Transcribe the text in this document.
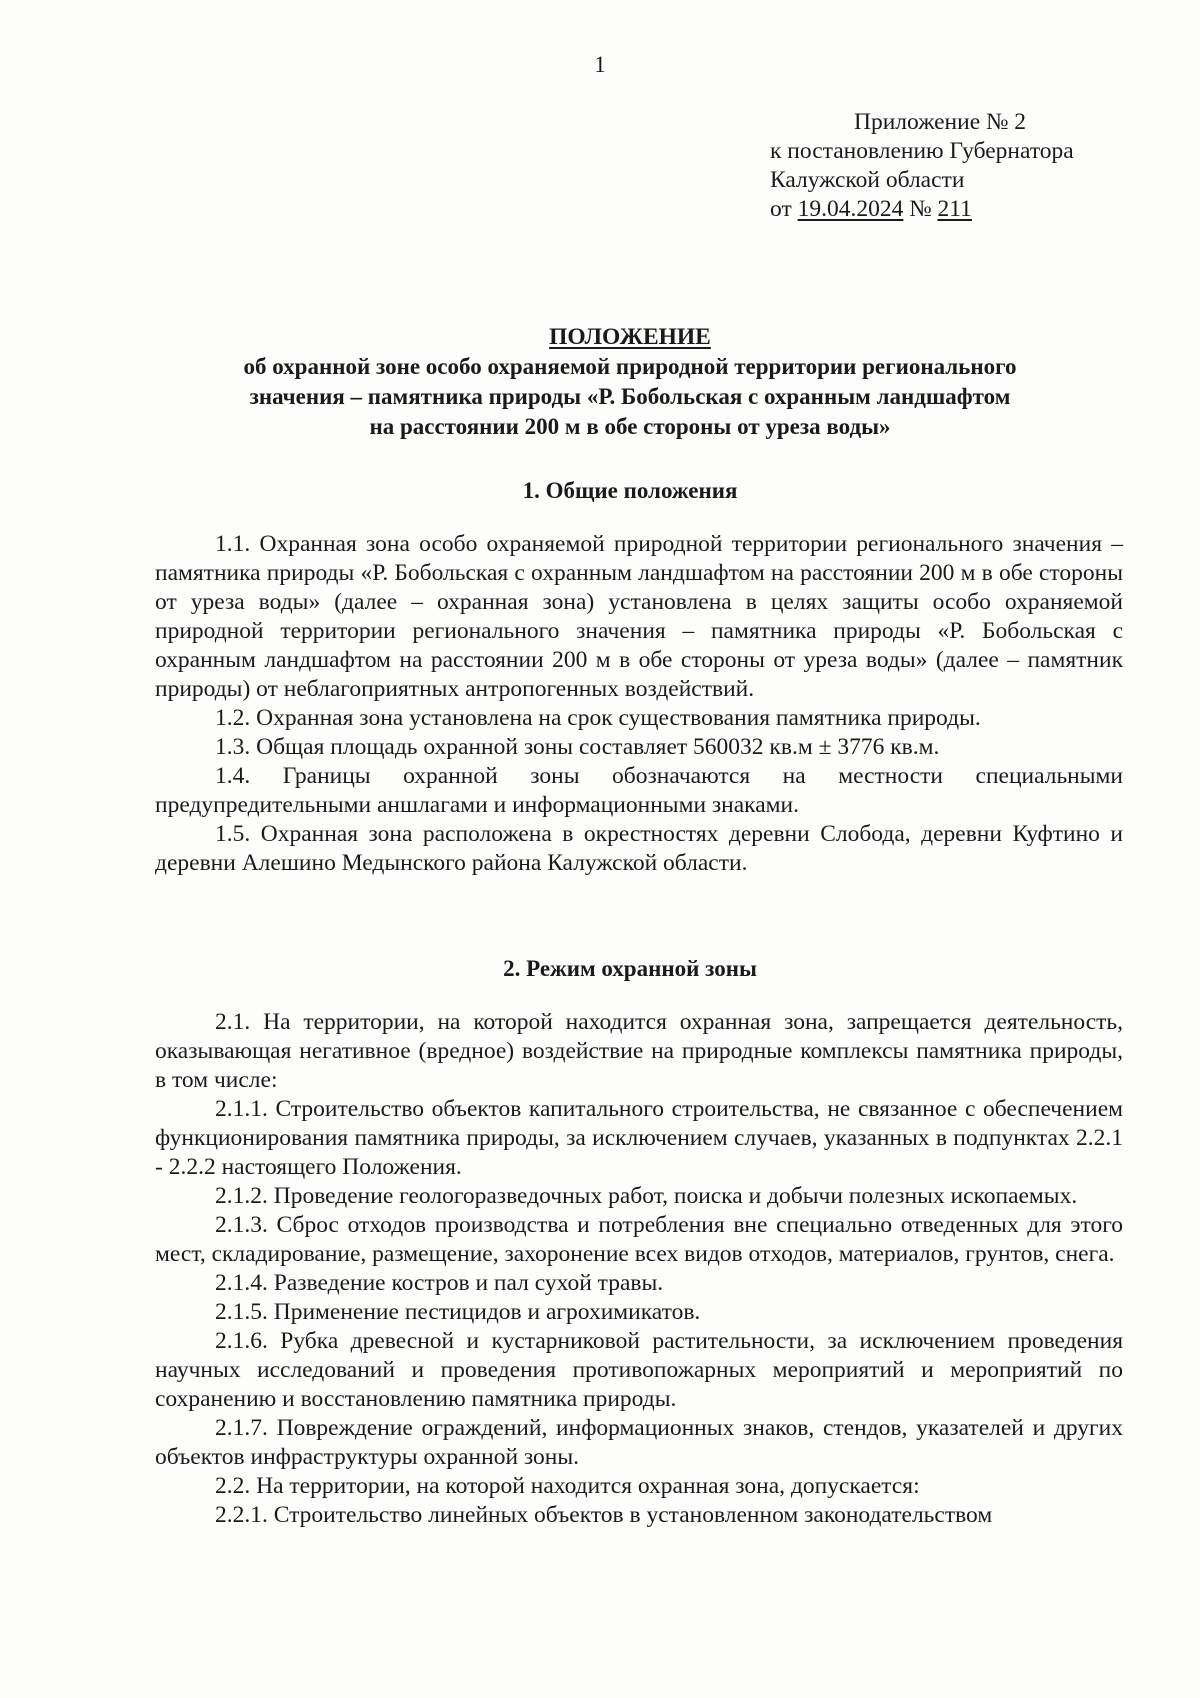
1
Приложение № 2
к постановлению Губернатора
Калужской области
от 19.04.2024 № 211
ПОЛОЖЕНИЕ
об охранной зоне особо охраняемой природной территории регионального
значения – памятника природы «Р. Бобольская с охранным ландшафтом
на расстоянии 200 м в обе стороны от уреза воды»
1. Общие положения

1.1. Охранная зона особо охраняемой природной территории регионального значения – памятника природы «Р. Бобольская с охранным ландшафтом на расстоянии 200 м в обе стороны от уреза воды» (далее – охранная зона) установлена в целях защиты особо охраняемой природной территории регионального значения – памятника природы «Р. Бобольская с охранным ландшафтом на расстоянии 200 м в обе стороны от уреза воды» (далее – памятник природы) от неблагоприятных антропогенных воздействий.

1.2. Охранная зона установлена на срок существования памятника природы.

1.3. Общая площадь охранной зоны составляет 560032 кв.м ± 3776 кв.м.

1.4. Границы охранной зоны обозначаются на местности специальными предупредительными аншлагами и информационными знаками.

1.5. Охранная зона расположена в окрестностях деревни Слобода, деревни Куфтино и деревни Алешино Медынского района Калужской области.

2. Режим охранной зоны

2.1. На территории, на которой находится охранная зона, запрещается деятельность, оказывающая негативное (вредное) воздействие на природные комплексы памятника природы, в том числе:

2.1.1. Строительство объектов капитального строительства, не связанное с обеспечением функционирования памятника природы, за исключением случаев, указанных в подпунктах 2.2.1 - 2.2.2 настоящего Положения.

2.1.2. Проведение геологоразведочных работ, поиска и добычи полезных ископаемых.

2.1.3. Сброс отходов производства и потребления вне специально отведенных для этого мест, складирование, размещение, захоронение всех видов отходов, материалов, грунтов, снега.

2.1.4. Разведение костров и пал сухой травы.

2.1.5. Применение пестицидов и агрохимикатов.

2.1.6. Рубка древесной и кустарниковой растительности, за исключением проведения научных исследований и проведения противопожарных мероприятий и мероприятий по сохранению и восстановлению памятника природы.

2.1.7. Повреждение ограждений, информационных знаков, стендов, указателей и других объектов инфраструктуры охранной зоны.

2.2. На территории, на которой находится охранная зона, допускается:

2.2.1. Строительство линейных объектов в установленном законодательством
